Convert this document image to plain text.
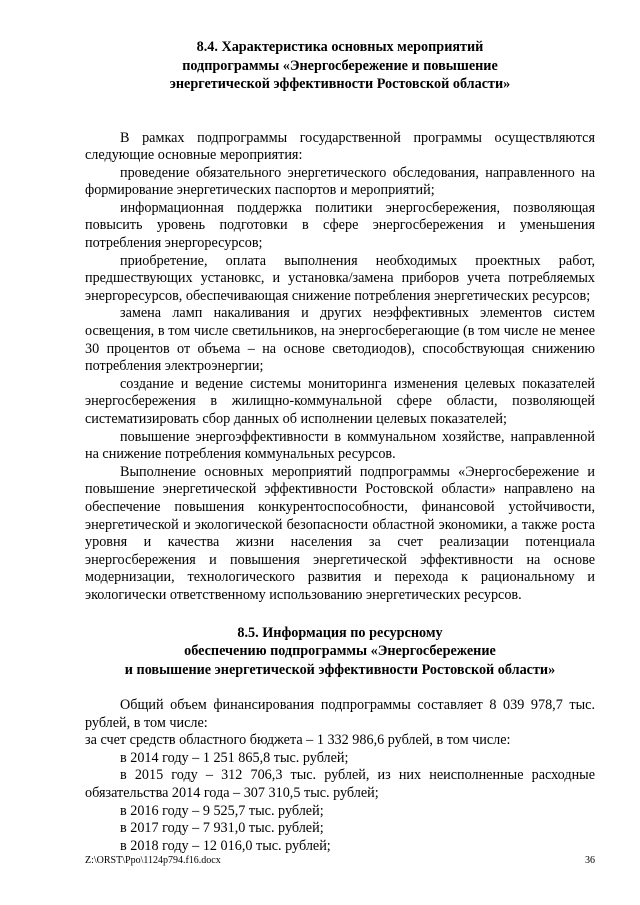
8.4. Характеристика основных мероприятий
подпрограммы «Энергосбережение и повышение
энергетической эффективности Ростовской области»

В рамках подпрограммы государственной программы осуществляются следующие основные мероприятия:

проведение обязательного энергетического обследования, направленного на формирование энергетических паспортов и мероприятий;

информационная поддержка политики энергосбережения, позволяющая повысить уровень подготовки в сфере энергосбережения и уменьшения потребления энергоресурсов;

приобретение, оплата выполнения необходимых проектных работ, предшествующих установкс, и установка/замена приборов учета потребляемых энергоресурсов, обеспечивающая снижение потребления энергетических ресурсов;

замена ламп накаливания и других неэффективных элементов систем освещения, в том числе светильников, на энергосберегающие (в том числе не менее 30 процентов от объема – на основе светодиодов), способствующая снижению потребления электроэнергии;

создание и ведение системы мониторинга изменения целевых показателей энергосбережения в жилищно-коммунальной сфере области, позволяющей систематизировать сбор данных об исполнении целевых показателей;

повышение энергоэффективности в коммунальном хозяйстве, направленной на снижение потребления коммунальных ресурсов.

Выполнение основных мероприятий подпрограммы «Энергосбережение и повышение энергетической эффективности Ростовской области» направлено на обеспечение повышения конкурентоспособности, финансовой устойчивости, энергетической и экологической безопасности областной экономики, а также роста уровня и качества жизни населения за счет реализации потенциала энергосбережения и повышения энергетической эффективности на основе модернизации, технологического развития и перехода к рациональному и экологически ответственному использованию энергетических ресурсов.

8.5. Информация по ресурсному
обеспечению подпрограммы «Энергосбережение
и повышение энергетической эффективности Ростовской области»

Общий объем финансирования подпрограммы составляет 8 039 978,7 тыс. рублей, в том числе:

за счет средств областного бюджета – 1 332 986,6 рублей, в том числе:

в 2014 году – 1 251 865,8 тыс. рублей;

в 2015 году – 312 706,3 тыс. рублей, из них неисполненные расходные обязательства 2014 года – 307 310,5 тыс. рублей;

в 2016 году – 9 525,7 тыс. рублей;

в 2017 году – 7 931,0 тыс. рублей;

в 2018 году – 12 016,0 тыс. рублей;

Z:\ORST\Ppo\1124p794.f16.docx	36
